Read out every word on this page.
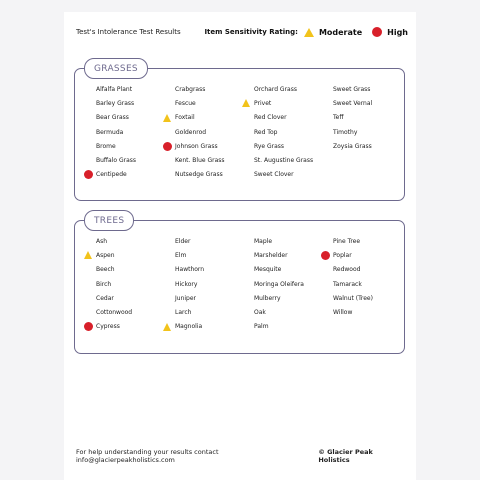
Test's Intolerance Test Results	Item Sensitivity Rating:	Moderate	High
GRASSES
Alfalfa Plant	Crabgrass	Orchard Grass	Sweet Grass
Barley Grass	Fescue	Privet	Sweet Vernal
Bear Grass	Foxtail	Red Clover	Teff
Bermuda	Goldenrod	Red Top	Timothy
Brome	Johnson Grass	Rye Grass	Zoysia Grass
Buffalo Grass	Kent. Blue Grass	St. Augustine Grass
Centipede	Nutsedge Grass	Sweet Clover
TREES
Ash	Elder	Maple	Pine Tree
Aspen	Elm	Marshelder	Poplar
Beech	Hawthorn	Mesquite	Redwood
Birch	Hickory	Moringa Oleifera	Tamarack
Cedar	Juniper	Mulberry	Walnut (Tree)
Cottonwood	Larch	Oak	Willow
Cypress	Magnolia	Palm
For help understanding your results contact info@glacierpeakholistics.com
© Glacier Peak Holistics
